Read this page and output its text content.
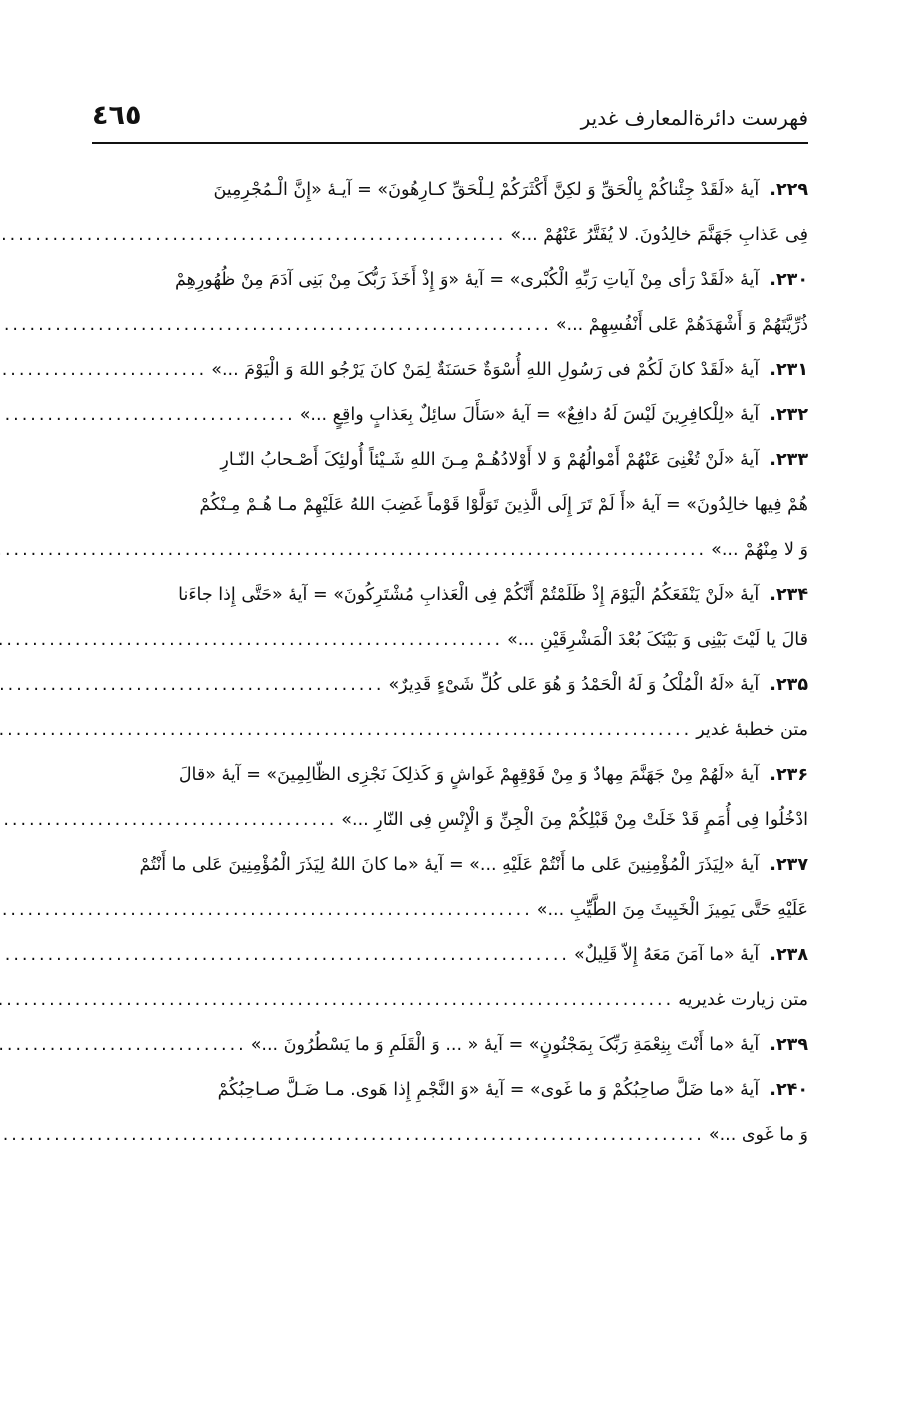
٤٦٥	فهرست دائرةالمعارف غدیر
۲۲۹.آیۀ «لَقَدْ جِئْناکُمْ بِالْحَقِّ وَ لکِنَّ أَکْثَرَکُمْ لِـلْحَقِّ کـارِهُونَ» = آیـۀ «إِنَّ الْـمُجْرِمِینَ
فِی عَذابِ جَهَنَّمَ خالِدُونَ. لا یُفَتَّرُ عَنْهُمْ ...»
.....
۲۳۰.آیۀ «لَقَدْ رَأی مِنْ آیاتِ رَبِّهِ الْکُبْری» = آیۀ «وَ إِذْ أَخَذَ رَبُّکَ مِنْ بَنِی آدَمَ مِنْ ظُهُورِهِمْ
ذُرِّیَّتَهُمْ وَ أَشْهَدَهُمْ عَلی أَنْفُسِهِمْ ...»
.....
۲۳۱.آیۀ «لَقَدْ کانَ لَکُمْ فی رَسُولِ اللهِ أُسْوَةٌ حَسَنَةٌ لِمَنْ کانَ یَرْجُو اللهَ وَ الْیَوْمَ ...»
.....
۲۳۲.آیۀ «لِلْکافِرِینَ لَیْسَ لَهُ دافِعٌ» = آیۀ «سَأَلَ سائِلٌ بِعَذابٍ واقِعٍ ...»
.....
۲۳۳.آیۀ «لَنْ تُغْنِیَ عَنْهُمْ أَمْوالُهُمْ وَ لا أَوْلادُهُـمْ مِـنَ اللهِ شَـیْئاً أُولئِکَ أَصْـحابُ النّـارِ
هُمْ فِیها خالِدُونَ» = آیۀ «أَ لَمْ تَرَ إِلَی الَّذِینَ تَوَلَّوْا قَوْماً غَضِبَ اللهُ عَلَیْهِمْ مـا هُـمْ مِـنْکُمْ
وَ لا مِنْهُمْ ...»
.....
۲۳۴.آیۀ «لَنْ یَنْفَعَکُمُ الْیَوْمَ إِذْ ظَلَمْتُمْ أَنَّکُمْ فِی الْعَذابِ مُشْتَرِکُونَ» = آیۀ «حَتَّی إِذا جاءَنا
قالَ یا لَیْتَ بَیْنِی وَ بَیْنَکَ بُعْدَ الْمَشْرِقَیْنِ ...»
.....
۲۳۵.آیۀ «لَهُ الْمُلْکُ وَ لَهُ الْحَمْدُ وَ هُوَ عَلی کُلِّ شَیْءٍ قَدِیرٌ»
.....
متن خطبۀ غدیر
.....
۲۳۶.آیۀ «لَهُمْ مِنْ جَهَنَّمَ مِهادٌ وَ مِنْ فَوْقِهِمْ غَواشٍ وَ کَذلِکَ نَجْزِی الظّالِمِینَ» = آیۀ «قالَ
ادْخُلُوا فِی أُمَمٍ قَدْ خَلَتْ مِنْ قَبْلِکُمْ مِنَ الْجِنِّ وَ الْإِنْسِ فِی النّارِ ...»
.....
۲۳۷.آیۀ «لِیَذَرَ الْمُؤْمِنِینَ عَلی ما أَنْتُمْ عَلَیْهِ ...» = آیۀ «ما کانَ اللهُ لِیَذَرَ الْمُؤْمِنِینَ عَلی ما أَنْتُمْ
عَلَیْهِ حَتَّی یَمِیزَ الْخَبِیثَ مِنَ الطَّیِّبِ ...»
.....
۲۳۸.آیۀ «ما آمَنَ مَعَهُ إِلاّ قَلِیلٌ»
.....
متن زیارت غدیریه
.....
۲۳۹.آیۀ «ما أَنْتَ بِنِعْمَةِ رَبِّکَ بِمَجْنُونٍ» = آیۀ « ... وَ الْقَلَمِ وَ ما یَسْطُرُونَ ...»
.....
۲۴۰.آیۀ «ما ضَلَّ صاحِبُکُمْ وَ ما غَوی» = آیۀ «وَ النَّجْمِ إِذا هَوی. مـا ضَـلَّ صـاحِبُکُمْ
وَ ما غَوی ...»
.....
